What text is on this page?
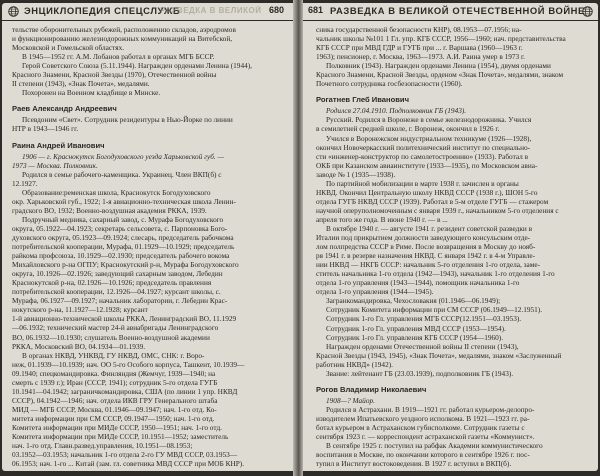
ЭНЦИКЛОПЕДИЯ СПЕЦСЛУЖБ
РАЗВЕДКА В ВЕЛИКОЙ 680

тельстве оборонительных рубежей, расположению складов, аэродромов

и функционированию железнодорожных коммуникаций на Витебской,

Московской и Гомельской областях.

В 1945—1952 гг. А.М. Лобанов работал в органах МГБ БССР.

Герой Советского Союза (5.11.1944). Награжден орденами Ленина (1944),

Красного Знамени, Красной Звезды (1970), Отечественной войны

II степени (1943), «Знак Почета», медалями.

Похоронен на Военном кладбище в Минске.

Раев Александр Андреевич

Псевдоним «Свет». Сотрудник резидентуры в Нью-Йорке по линии

НТР в 1943—1946 гг.

Раина Андрей Иванович

1906 — г. Краснокутск Богодуховского уезда Харьковской губ. —

1973 — Москва. Полковник.

Родился в семье рабочего-каменщика. Украинец. Член ВКП(б) с

12.1927.

Образование:ременская школа, Краснокутск Богодуховского

окр. Харьковской губ., 1922; 1-я авиационно-техническая школа Ленин-

градского ВО, 1932; Военно-воздушная академия РККА, 1939.

Подручный медника, сахарный завод, с. Мурафа Богодуховского

округа, 05.1922—04.1923; секретарь сельсовета, с. Парпоновка Бого-

духовского округа, 05.1923—09.1924; слесарь, председатель рабочкома

потребительской кооперации, Мурафа, 01.1929—10.1929; председатель

райкома профсоюза, 10.1929—02.1930; председатель рабочего вокома

Михайловского р-на ОГПУ; Краснокутский р-н, Мурафа Богодуховского

округа, 10.1926—02.1926; заведующий сахарным заводом, Лебедин

Краснокутской р-на, 02.1926—10.1926; председатель правления

потребительской кооперации, 12.1926—04.1927; курсант школы, с.

Мурафа, 06.1927—09.1927; начальник лаборатории, г. Лебедин Крас-

нокутского р-на, 11.1927—12.1928; курсант

1-й авиационно-технической школы РККА, Ленинградский ВО, 11.1929

—06.1932; технический мастер 24-й авиабригады Ленинградского

ВО, 06.1932—10.1930; слушатель Военно-воздушной академии

РККА, Московский ВО, 04.1934—01.1939.

В органах НКВД, УНКВД, ГУ НКВД, ОМС, СНК: г. Воро-

неж, 01.1939—10.1939; нач. ОО 5-го Особого корпуса, Ташкент, 10.1939—

09.1940; спецкомандировка. Финляндия (Жемчуг, 1939—1940; на

смерть с 1939 г.); Иран (СССР, 1941); сотрудник 5-го отдела ГУГБ

10.1941—04.1942; заграничкомандировка, США (по линии 1 упр. НКВД

СССР), 04.1942—1946; нач. отдела ИКВ ГРУ Генерального штаба

МИД — МГБ СССР, Москва, 01.1946—09.1947; нач. 1-го отд. Ко-

митета информации при СМ СССР, 09.1947—1950; нач. 1-го отд.

Комитета информации при МИДе СССР, 1950—1951; нач. 1-го отд.

Комитета информации при МИДе СССР, 10.1951—1952; заместитель

нач. 1-го отд. Главн.развед.управления, 10.1951—08.1953;

03.1952—03.1953; начальник 1-го отдела 2-го ГУ МВД СССР, 03.1953—

06.1953; нач. 1-го ... Китай (зам. гл. советника МВД СССР при МОБ КНР).

681 РАЗВЕДКА В ВЕЛИКОЙ ОТЕЧЕСТВЕННОЙ ВОЙНЕ

сника государственной безопасности КНР), 08.1953—07.1956; на-

чальник школы №101 1 Гл. упр. КГБ СССР, 1956—1960; нач. представительства

КГБ СССР при МВД ГДР и ГУГБ при ... г. Варшава (1960—1963 г.

1963); пенсионер, г. Москва, 1963—1973. А.И. Раина умер в 1973 г.

Полковник (1943). Награжден орденами Ленина (1954), двумя орденами

Красного Знамени, Красной Звезды, орденом «Знак Почета», медалями, знаком

Почетного сотрудника госбезопасности (1960).

Рогатнев Глеб Иванович

Родился 27.04.1910. Подполковник ГБ (1943).

Русский. Родился в Воронеже в семье железнодорожника. Учился

в семилетней средней школе, г. Воронеж, окончил в 1926 г.

Учился в Воронежском индустриальном техникуме (1926—1928),

окончил Новочеркасский политехнический институт по специально-

сти «инженер-конструктор по самолетостроению» (1933). Работал в

ОКБ при Казанском авиаинституте (1933—1935), по Московском авиа-

заводе № 1 (1935—1938).

По партийной мобилизации в марте 1938 г. зачислен в органы

НКВД. Окончил Центральную школу НКВД СССР (1938 г.), ШОН 5-го

отдела ГУГБ НКВД СССР (1939). Работал в 5-м отделе ГУГБ — стажером

научной оперуполномоченным с января 1939 г., начальником 5-го отделения с

апреля того же года. В июне 1940 г. — в ...

В октябре 1940 г. — августе 1941 г. резидент советской разведки в

Италии под прикрытием должности заведующего консульским отде-

лом полпредства СССР в Риме. После возвращения в Москву до нояб-

ря 1941 г. в резерве назначения НКВД. С января 1942 г. в 4-м Управле-

нии НКВД — НКГБ СССР: начальник 5-го отделения 1-го отдела, заме-

ститель начальника 1-го отдела (1942—1943), начальник 1-го отделения 1-го

отдела 1-го управления (1943—1944), помощник начальника 1-го

отдела 1-го управления (1944—1945).

Загранкомандировка, Чехословакия (01.1946—06.1949);

Сотрудник Комитета информации при СМ СССР (06.1949—12.1951).

Сотрудник 1-го Гл. управления МГБ СССР(12.1951—03.1953).

Сотрудник 1-го Гл. управления МВД СССР (1953—1954).

Сотрудник 1-го Гл. управления КГБ СССР (1954—1960).

Награжден орденами Отечественной войны II степени (1943),

Красной Звезды (1943, 1945), «Знак Почета», медалями, знаком «Заслуженный

работник НКВД» (1942).

Звание: лейтенант ГБ (23.03.1939), подполковник ГБ (1943).

Рогов Владимир Николаевич

1908—? Майор.

Родился в Астрахани. В 1919—1921 гг. работал курьером-делопро-

изводителем Ипатьевского уездного исполкома. В 1921—1923 гг. ра-

ботал курьером в Астраханском губисполкоме. Сотрудник газеты с

сентября 1923 г. — корреспондент астраханской газеты «Коммунист».

В сентябре 1925 г. поступил на рабфак Академии коммунистического

воспитания в Москве, по окончании которого в сентябре 1926 г. пос-

тупил в Институт востоковедения. В 1927 г. вступил в ВКП(б).
